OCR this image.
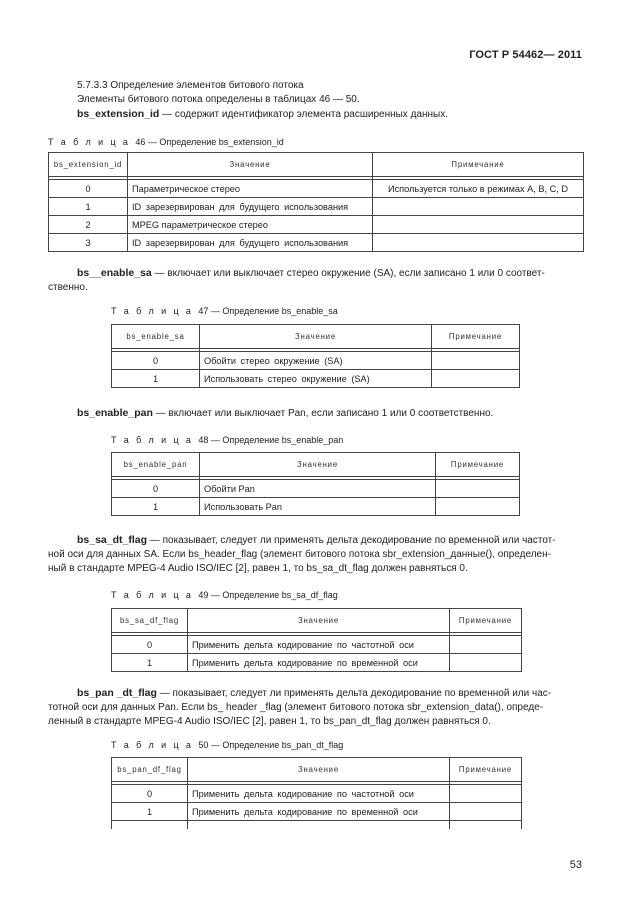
ГОСТ Р 54462— 2011
5.7.3.3 Определение элементов битового потока
Элементы битового потока определены в таблицах 46 — 50.
bs_extension_id — содержит идентификатор элемента расширенных данных.
Т а б л и ц а 46 — Определение bs_extension_id
bs_extension_id	Значение	Примечание

0	Параметрическое стерео	Используется только в режимах A, B, C, D
1	ID зарезервирован для будущего использования	
2	MPEG параметрическое стерео	
3	ID зарезервирован для будущего использования	
bs__enable_sa — включает или выключает стерео окружение (SA), если записано 1 или 0 соответ-
ственно.
Т а б л и ц а 47 — Определение bs_enable_sa
bs_enable_sa	Значение	Примечание

0	Обойти стерео окружение (SA)	
1	Использовать стерео окружение (SA)	
bs_enable_pan — включает или выключает Pan, если записано 1 или 0 соответственно.
Т а б л и ц а 48 — Определение bs_enable_pan
bs_enable_pan	Значение	Примечание

0	Обойти Pan	
1	Использовать Pan	
bs_sa_dt_flag — показывает, следует ли применять дельта декодирование по временной или частот-
ной оси для данных SA. Если bs_header_flag (элемент битового потока sbr_extension_данные(), определен-
ный в стандарте MPEG-4 Audio ISO/IEC [2], равен 1, то bs_sa_dt_flag должен равняться 0.
Т а б л и ц а 49 — Определение bs_sa_df_flag
bs_sa_df_flag	Значение	Примечание

0	Применить дельта кодирование по частотной оси	
1	Применить дельта кодирование по временной оси	
bs_pan _dt_flag — показывает, следует ли применять дельта декодирование по временной или час-
тотной оси для данных Pan. Если bs_ header _flag (элемент битового потока sbr_extension_data(), опреде-
ленный в стандарте MPEG-4 Audio ISO/IEC [2], равен 1, то bs_pan_dt_flag должен равняться 0.
Т а б л и ц а 50 — Определение bs_pan_dt_flag
bs_pan_df_flag	Значение	Примечание

0	Применить дельта кодирование по частотной оси	
1	Применить дельта кодирование по временной оси	

53
